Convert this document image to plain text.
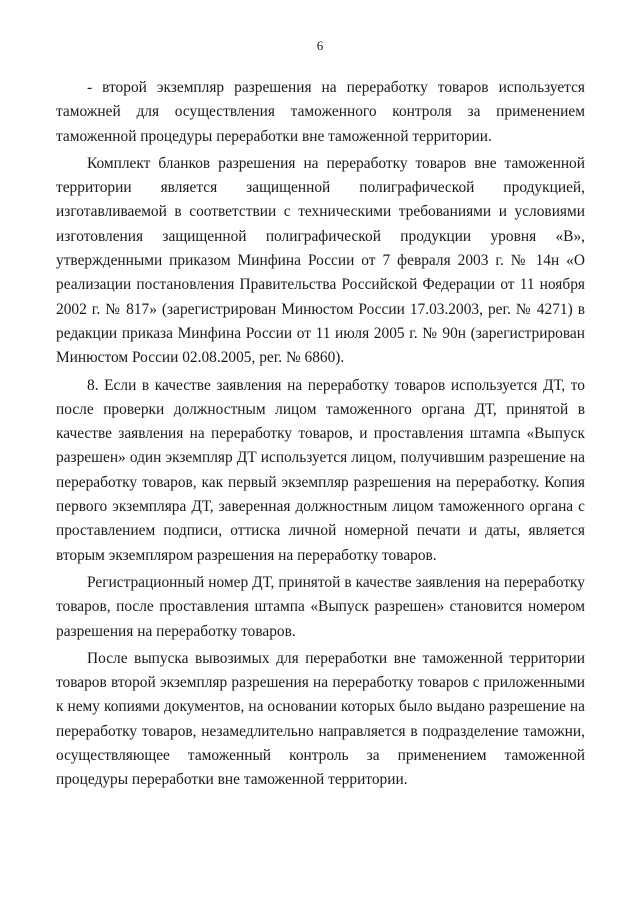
6

- второй экземпляр разрешения на переработку товаров используется таможней для осуществления таможенного контроля за применением таможенной процедуры переработки вне таможенной территории.

Комплект бланков разрешения на переработку товаров вне таможенной территории является защищенной полиграфической продукцией, изготавливаемой в соответствии с техническими требованиями и условиями изготовления защищенной полиграфической продукции уровня «В», утвержденными приказом Минфина России от 7 февраля 2003 г. № 14н «О реализации постановления Правительства Российской Федерации от 11 ноября 2002 г. № 817» (зарегистрирован Минюстом России 17.03.2003, рег. № 4271) в редакции приказа Минфина России от 11 июля 2005 г. № 90н (зарегистрирован Минюстом России 02.08.2005, рег. № 6860).

8. Если в качестве заявления на переработку товаров используется ДТ, то после проверки должностным лицом таможенного органа ДТ, принятой в качестве заявления на переработку товаров, и проставления штампа «Выпуск разрешен» один экземпляр ДТ используется лицом, получившим разрешение на переработку товаров, как первый экземпляр разрешения на переработку. Копия первого экземпляра ДТ, заверенная должностным лицом таможенного органа с проставлением подписи, оттиска личной номерной печати и даты, является вторым экземпляром разрешения на переработку товаров.

Регистрационный номер ДТ, принятой в качестве заявления на переработку товаров, после проставления штампа «Выпуск разрешен» становится номером разрешения на переработку товаров.

После выпуска вывозимых для переработки вне таможенной территории товаров второй экземпляр разрешения на переработку товаров с приложенными к нему копиями документов, на основании которых было выдано разрешение на переработку товаров, незамедлительно направляется в подразделение таможни, осуществляющее таможенный контроль за применением таможенной процедуры переработки вне таможенной территории.
